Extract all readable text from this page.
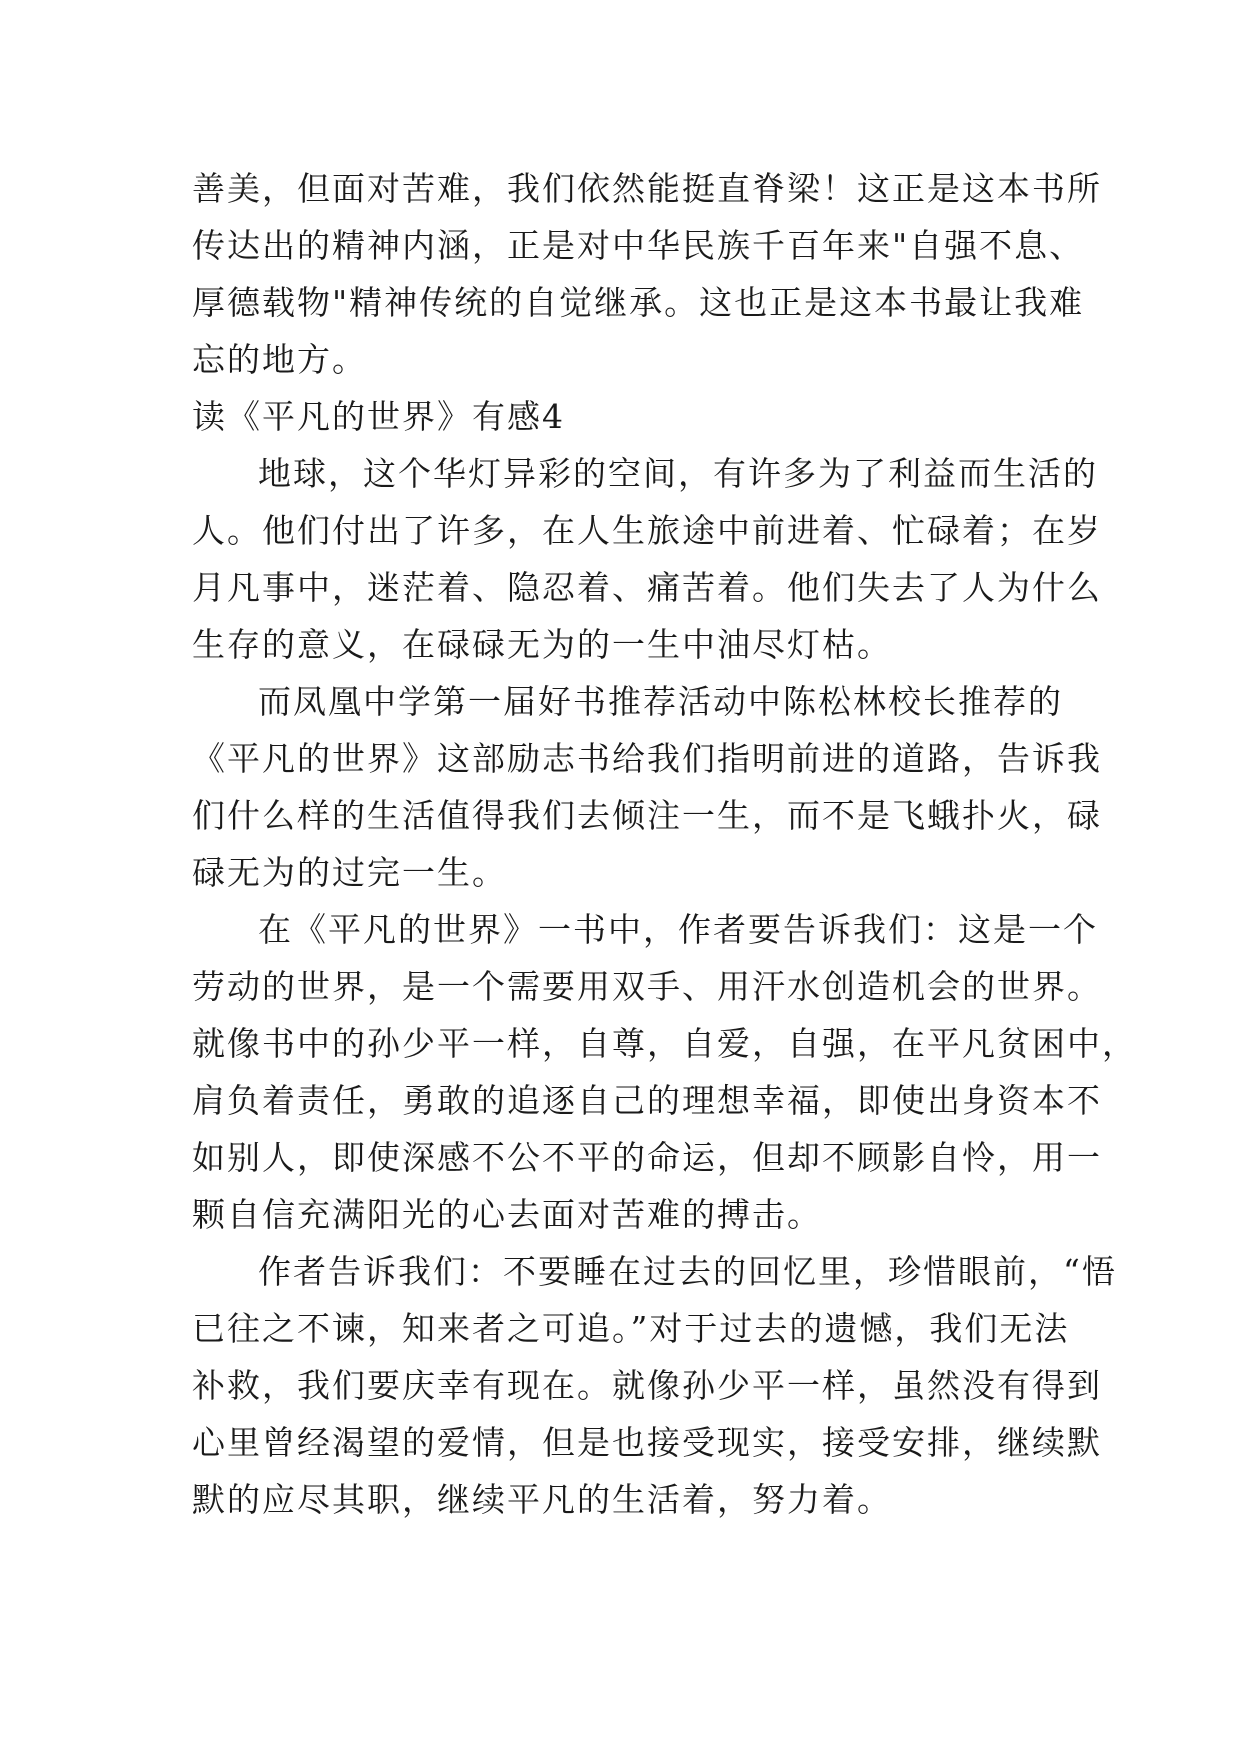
善美，但面对苦难，我们依然能挺直脊梁！这正是这本书所
传达出的精神内涵，正是对中华民族千百年来"自强不息、
厚德载物"精神传统的自觉继承。这也正是这本书最让我难
忘的地方。
读《平凡的世界》有感4
地球，这个华灯异彩的空间，有许多为了利益而生活的
人。他们付出了许多，在人生旅途中前进着、忙碌着；在岁
月凡事中，迷茫着、隐忍着、痛苦着。他们失去了人为什么
生存的意义，在碌碌无为的一生中油尽灯枯。
而凤凰中学第一届好书推荐活动中陈松林校长推荐的
《平凡的世界》这部励志书给我们指明前进的道路，告诉我
们什么样的生活值得我们去倾注一生，而不是飞蛾扑火，碌
碌无为的过完一生。
在《平凡的世界》一书中，作者要告诉我们：这是一个
劳动的世界，是一个需要用双手、用汗水创造机会的世界。
就像书中的孙少平一样，自尊，自爱，自强，在平凡贫困中，
肩负着责任，勇敢的追逐自己的理想幸福，即使出身资本不
如别人，即使深感不公不平的命运，但却不顾影自怜，用一
颗自信充满阳光的心去面对苦难的搏击。
作者告诉我们：不要睡在过去的回忆里，珍惜眼前，“悟
已往之不谏，知来者之可追。”对于过去的遗憾，我们无法
补救，我们要庆幸有现在。就像孙少平一样，虽然没有得到
心里曾经渴望的爱情，但是也接受现实，接受安排，继续默
默的应尽其职，继续平凡的生活着，努力着。
